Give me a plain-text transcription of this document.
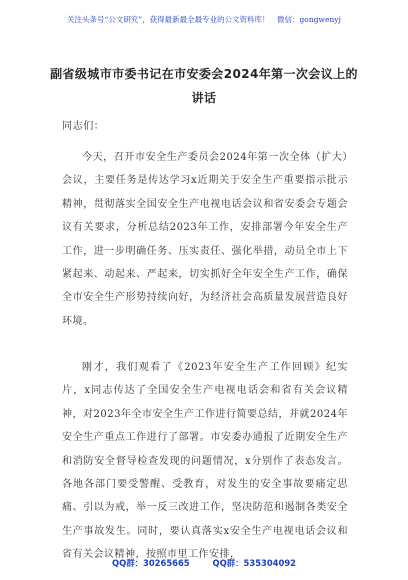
关注头条号“公文研究”，获得最新最全最专业的公文资料库！　微信：gongwenyj
副省级城市市委书记在市安委会2024年第一次会议上的讲话
同志们：

今天，召开市安全生产委员会2024年第一次全体（扩大）会议，主要任务是传达学习x近期关于安全生产重要指示批示精神，贯彻落实全国安全生产电视电话会议和省安委会专题会议有关要求，分析总结2023年工作，安排部署今年安全生产工作，进一步明确任务、压实责任、强化举措，动员全市上下紧起来、动起来、严起来，切实抓好全年安全生产工作，确保全市安全生产形势持续向好，为经济社会高质量发展营造良好环境。

刚才，我们观看了《2023年安全生产工作回顾》纪实片，x同志传达了全国安全生产电视电话会和省有关会议精神，对2023年全市安全生产工作进行简要总结，并就2024年安全生产重点工作进行了部署。市安委办通报了近期安全生产和消防安全督导检查发现的问题情况，x分别作了表态发言。各地各部门要受警醒、受教育，对发生的安全事故要痛定思痛、引以为戒，举一反三改进工作，坚决防范和遏制各类安全生产事故发生。同时，要认真落实x安全生产电视电话会议和省有关会议精神，按照市里工作安排，

QQ群：30265665	QQ群：535304092
